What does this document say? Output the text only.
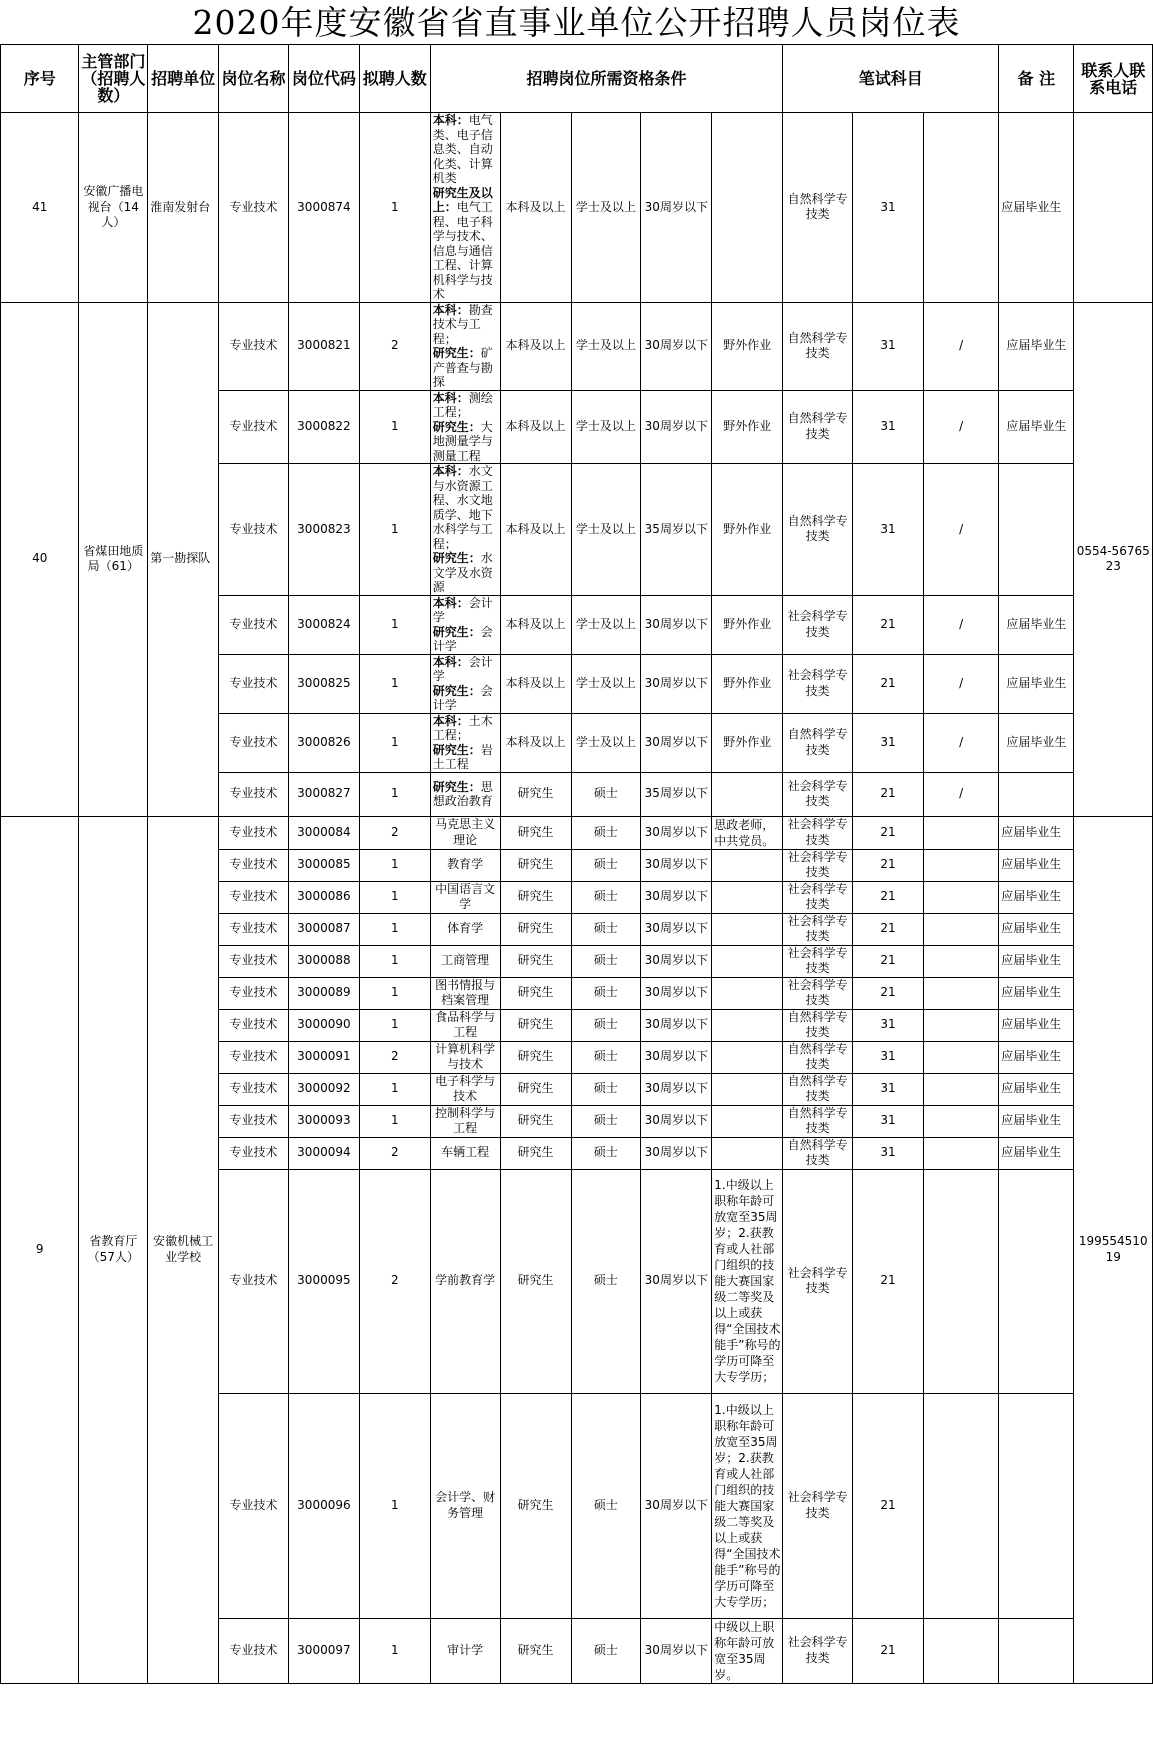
2020年度安徽省省直事业单位公开招聘人员岗位表
序号	主管部门（招聘人数）	招聘单位	岗位名称	岗位代码	拟聘人数	招聘岗位所需资格条件					笔试科目			备 注	联系人联系电话
41	安徽广播电视台（14人）	淮南发射台	专业技术	3000874	1	本科：电气类、电子信息类、自动化类、计算机类
研究生及以上：电气工程、电子科学与技术、信息与通信工程、计算机科学与技术	本科及以上	学士及以上	30周岁以下		自然科学专技类	31		应届毕业生	
40	省煤田地质局（61）	第一勘探队	专业技术	3000821	2	本科：勘查技术与工程；
研究生：矿产普查与勘探	本科及以上	学士及以上	30周岁以下	野外作业	自然科学专技类	31	/	应届毕业生	0554-5676523
			专业技术	3000822	1	本科：测绘工程；
研究生：大地测量学与测量工程	本科及以上	学士及以上	30周岁以下	野外作业	自然科学专技类	31	/	应届毕业生	
			专业技术	3000823	1	本科：水文与水资源工程、水文地质学、地下水科学与工程；
研究生：水文学及水资源	本科及以上	学士及以上	35周岁以下	野外作业	自然科学专技类	31	/		
			专业技术	3000824	1	本科：会计学
研究生：会计学	本科及以上	学士及以上	30周岁以下	野外作业	社会科学专技类	21	/	应届毕业生	
			专业技术	3000825	1	本科：会计学
研究生：会计学	本科及以上	学士及以上	30周岁以下	野外作业	社会科学专技类	21	/	应届毕业生	
			专业技术	3000826	1	本科：土木工程；
研究生：岩土工程	本科及以上	学士及以上	30周岁以下	野外作业	自然科学专技类	31	/	应届毕业生	
			专业技术	3000827	1	研究生：思想政治教育	研究生	硕士	35周岁以下		社会科学专技类	21	/		
9	省教育厅（57人）	安徽机械工业学校	专业技术	3000084	2	马克思主义理论	研究生	硕士	30周岁以下	思政老师，中共党员。	社会科学专技类	21		应届毕业生	19955451019
			专业技术	3000085	1	教育学	研究生	硕士	30周岁以下		社会科学专技类	21		应届毕业生	
			专业技术	3000086	1	中国语言文学	研究生	硕士	30周岁以下		社会科学专技类	21		应届毕业生	
			专业技术	3000087	1	体育学	研究生	硕士	30周岁以下		社会科学专技类	21		应届毕业生	
			专业技术	3000088	1	工商管理	研究生	硕士	30周岁以下		社会科学专技类	21		应届毕业生	
			专业技术	3000089	1	图书情报与档案管理	研究生	硕士	30周岁以下		社会科学专技类	21		应届毕业生	
			专业技术	3000090	1	食品科学与工程	研究生	硕士	30周岁以下		自然科学专技类	31		应届毕业生	
			专业技术	3000091	2	计算机科学与技术	研究生	硕士	30周岁以下		自然科学专技类	31		应届毕业生	
			专业技术	3000092	1	电子科学与技术	研究生	硕士	30周岁以下		自然科学专技类	31		应届毕业生	
			专业技术	3000093	1	控制科学与工程	研究生	硕士	30周岁以下		自然科学专技类	31		应届毕业生	
			专业技术	3000094	2	车辆工程	研究生	硕士	30周岁以下		自然科学专技类	31		应届毕业生	
			专业技术	3000095	2	学前教育学	研究生	硕士	30周岁以下	1.中级以上职称年龄可放宽至35周岁；2.获教育或人社部门组织的技能大赛国家级二等奖及以上或获得“全国技术能手”称号的学历可降至大专学历；	社会科学专技类	21			
			专业技术	3000096	1	会计学、财务管理	研究生	硕士	30周岁以下	1.中级以上职称年龄可放宽至35周岁；2.获教育或人社部门组织的技能大赛国家级二等奖及以上或获得“全国技术能手”称号的学历可降至大专学历；	社会科学专技类	21			
			专业技术	3000097	1	审计学	研究生	硕士	30周岁以下	中级以上职称年龄可放宽至35周岁。	社会科学专技类	21			
